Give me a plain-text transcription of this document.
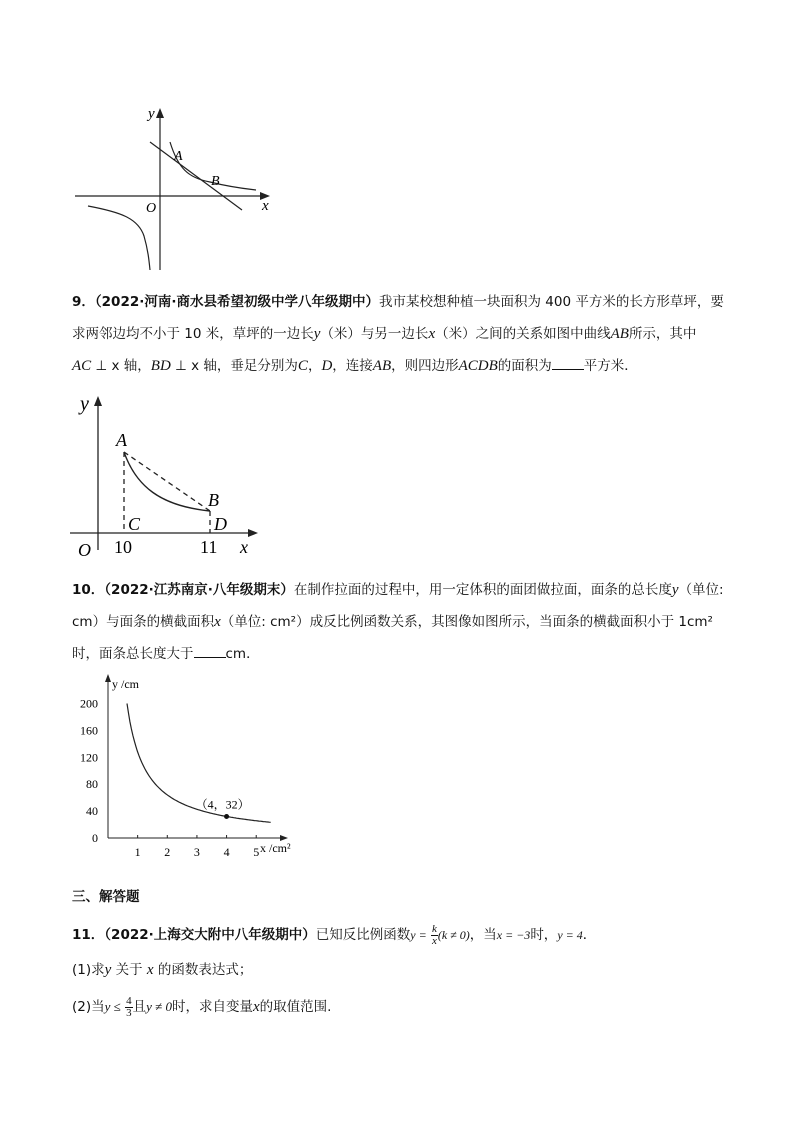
y
x
O
A
B
9．（2022·河南·商水县希望初级中学八年级期中）我市某校想种植一块面积为 400 平方米的长方形草坪，要
求两邻边均不小于 10 米，草坪的一边长y（米）与另一边长x（米）之间的关系如图中曲线AB所示，其中
AC ⊥ x 轴，BD ⊥ x 轴，垂足分别为C，D，连接AB，则四边形ACDB的面积为 平方米．
y
x
O
A
B
C	D
10	11
10．（2022·江苏南京·八年级期末）在制作拉面的过程中，用一定体积的面团做拉面，面条的总长度y（单位:
cm）与面条的横截面积x（单位: cm²）成反比例函数关系，其图像如图所示，当面条的横截面积小于 1cm²
时，面条总长度大于 cm．
y /cm
x /cm²
1 2 3 4 5
0
40
80
120
160
200
（4，32）
三、解答题
11．（2022·上海交大附中八年级期中）已知反比例函数$y = \frac{k}{x} (k \ne 0)$，当x = −3时，y = 4．
(1)求y 关于 x 的函数表达式；
(2)当$y \le \frac{4}{3}$ 且y ≠ 0时，求自变量x的取值范围.
